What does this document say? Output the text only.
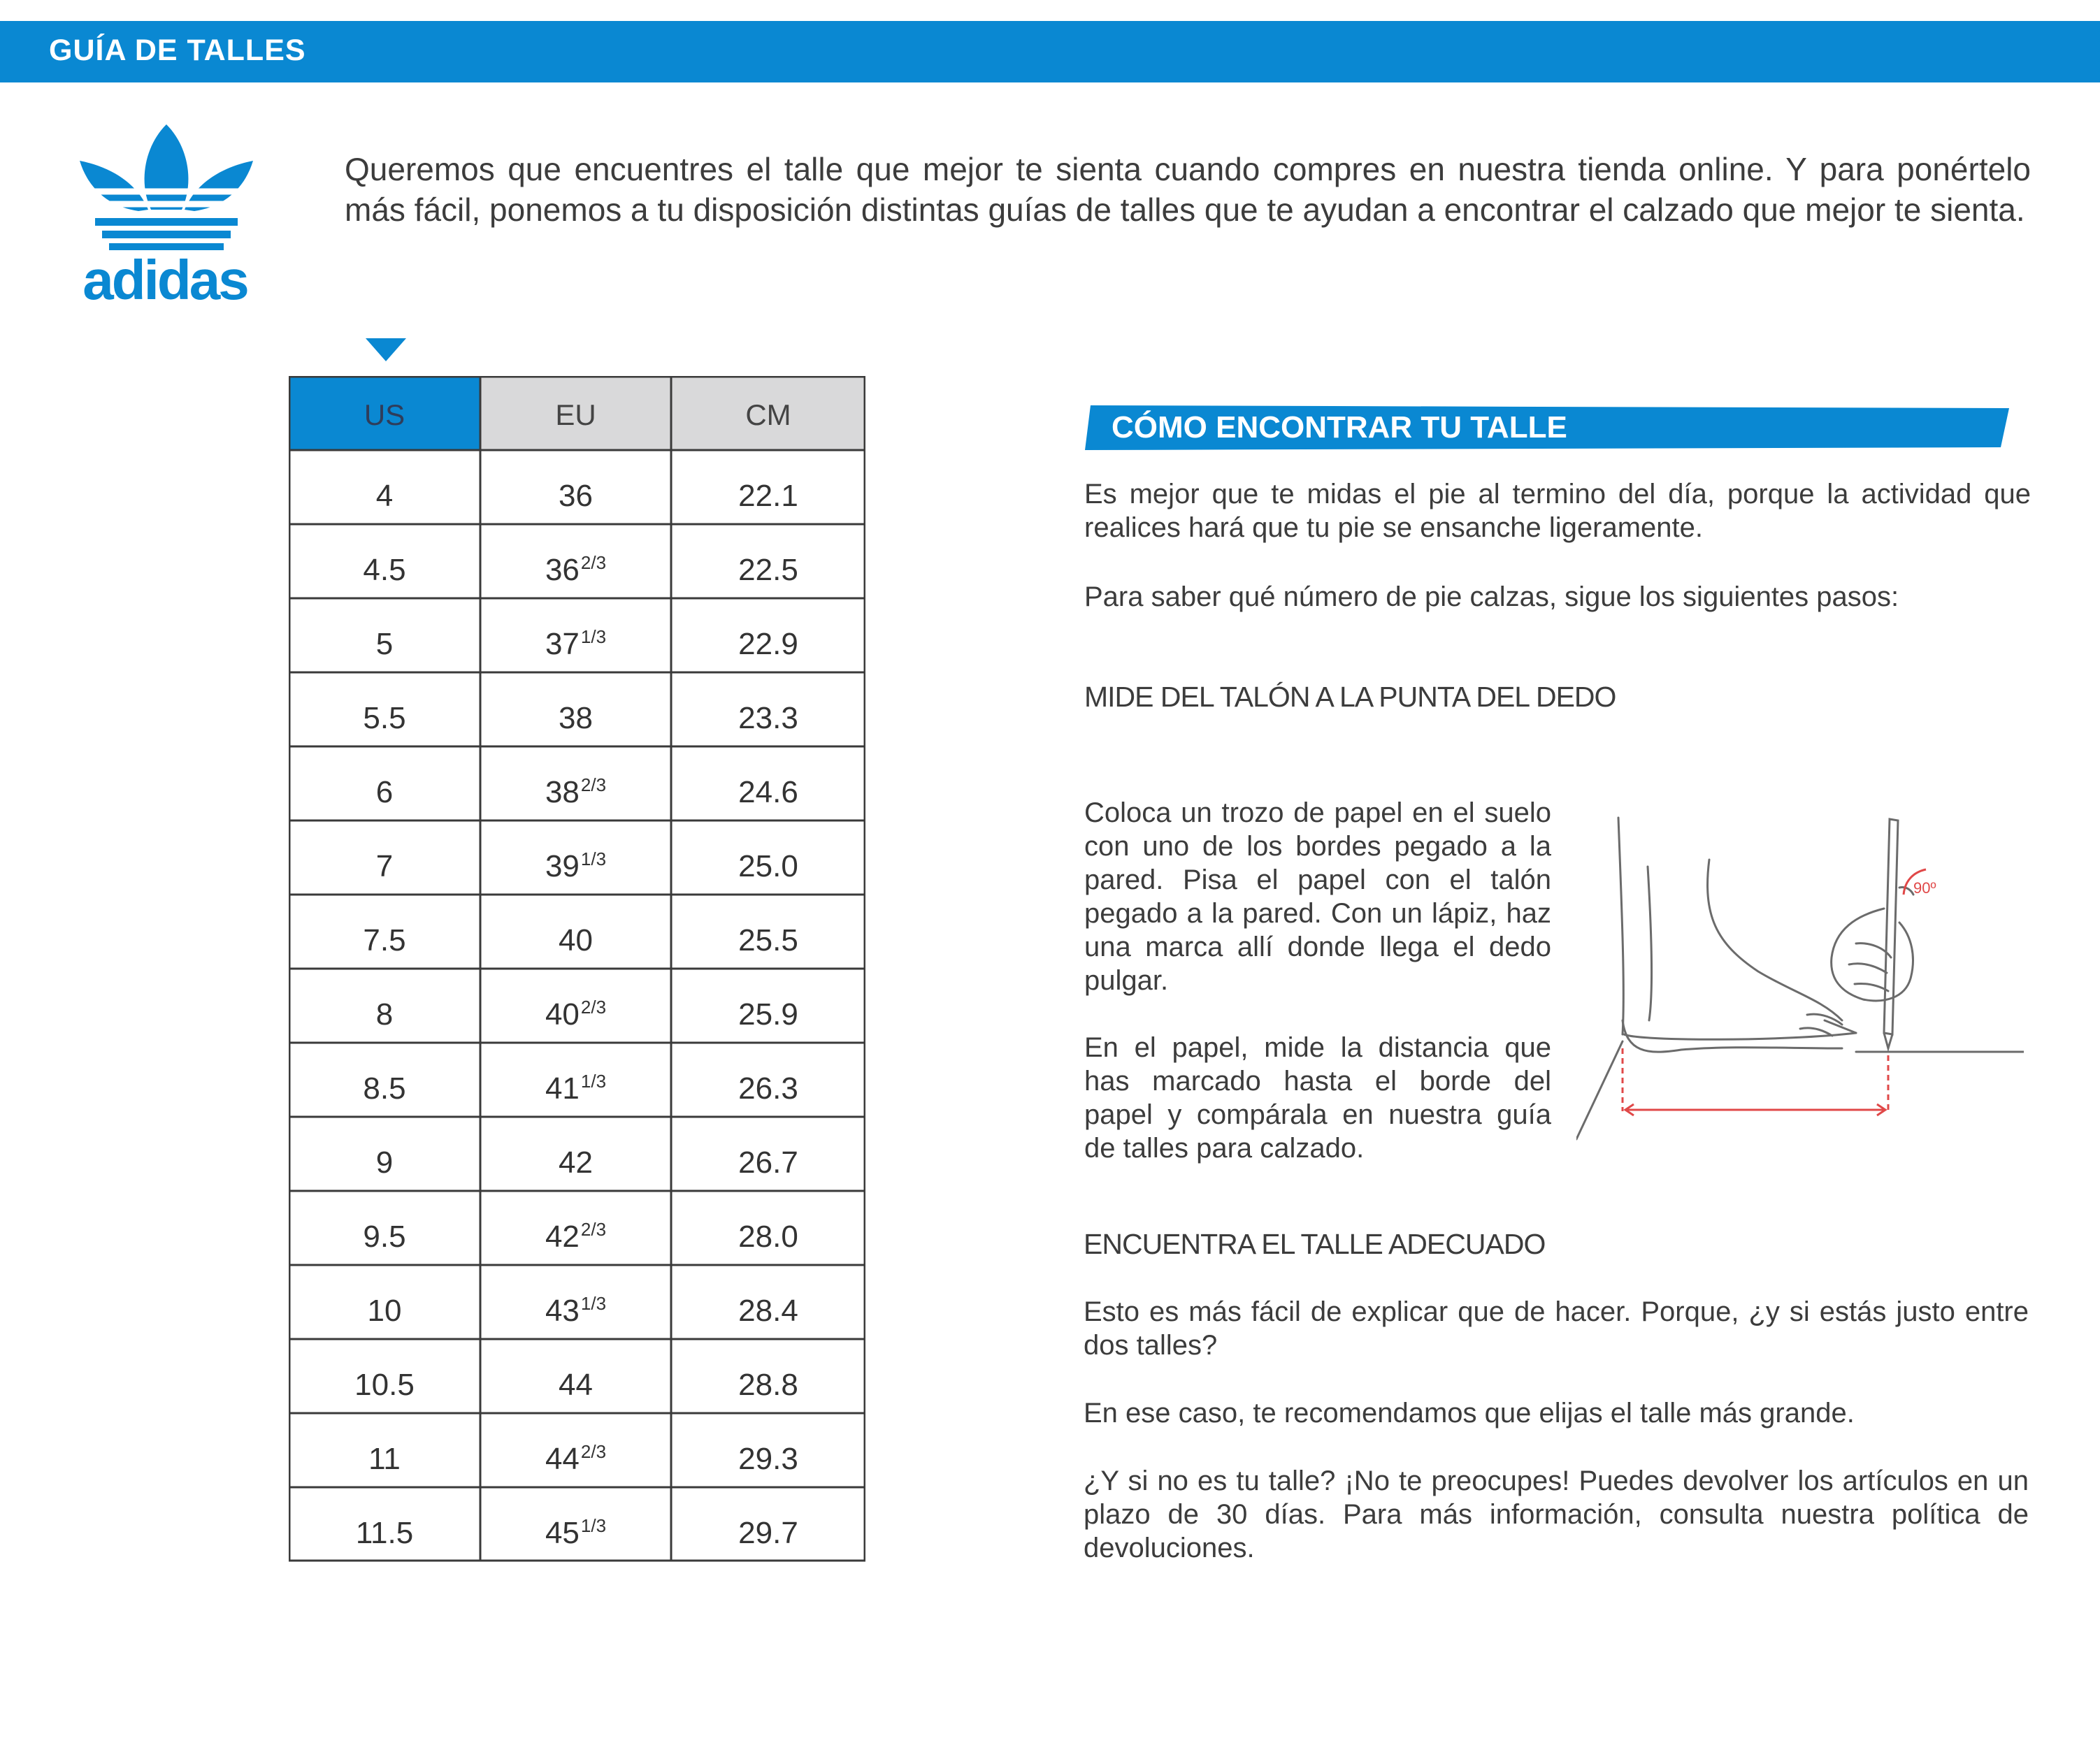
GUÍA DE TALLES
adidas

Queremos que encuentres el talle que mejor te sienta cuando compres en nuestra tienda online. Y para ponértelo más fácil, ponemos a tu disposición distintas guías de talles que te ayudan a encontrar el calzado que mejor te sienta.

US	EU	CM
4	36	22.1
4.5	$36^{2/3}$	22.5
5	$37^{1/3}$	22.9
5.5	38	23.3
6	$38^{2/3}$	24.6
7	$39^{1/3}$	25.0
7.5	40	25.5
8	$40^{2/3}$	25.9
8.5	$41^{1/3}$	26.3
9	42	26.7
9.5	$42^{2/3}$	28.0
10	$43^{1/3}$	28.4
10.5	44	28.8
11	$44^{2/3}$	29.3
11.5	$45^{1/3}$	29.7
CÓMO ENCONTRAR TU TALLE

Es mejor que te midas el pie al termino del día, porque la actividad que realices hará que tu pie se ensanche ligeramente.

Para saber qué número de pie calzas, sigue los siguientes pasos:

MIDE DEL TALÓN A LA PUNTA DEL DEDO

Coloca un trozo de papel en el suelo con uno de los bordes pegado a la pared. Pisa el papel con el talón pegado a la pared. Con un lápiz, haz una marca allí donde llega el dedo pulgar.

En el papel, mide la distancia que has marcado hasta el borde del papel y compárala en nuestra guía de talles para calzado.

90º
ENCUENTRA EL TALLE ADECUADO

Esto es más fácil de explicar que de hacer. Porque, ¿y si estás justo entre dos talles?

En ese caso, te recomendamos que elijas el talle más grande.

¿Y si no es tu talle? ¡No te preocupes! Puedes devolver los artículos en un plazo de 30 días. Para más información, consulta nuestra política de devoluciones.
